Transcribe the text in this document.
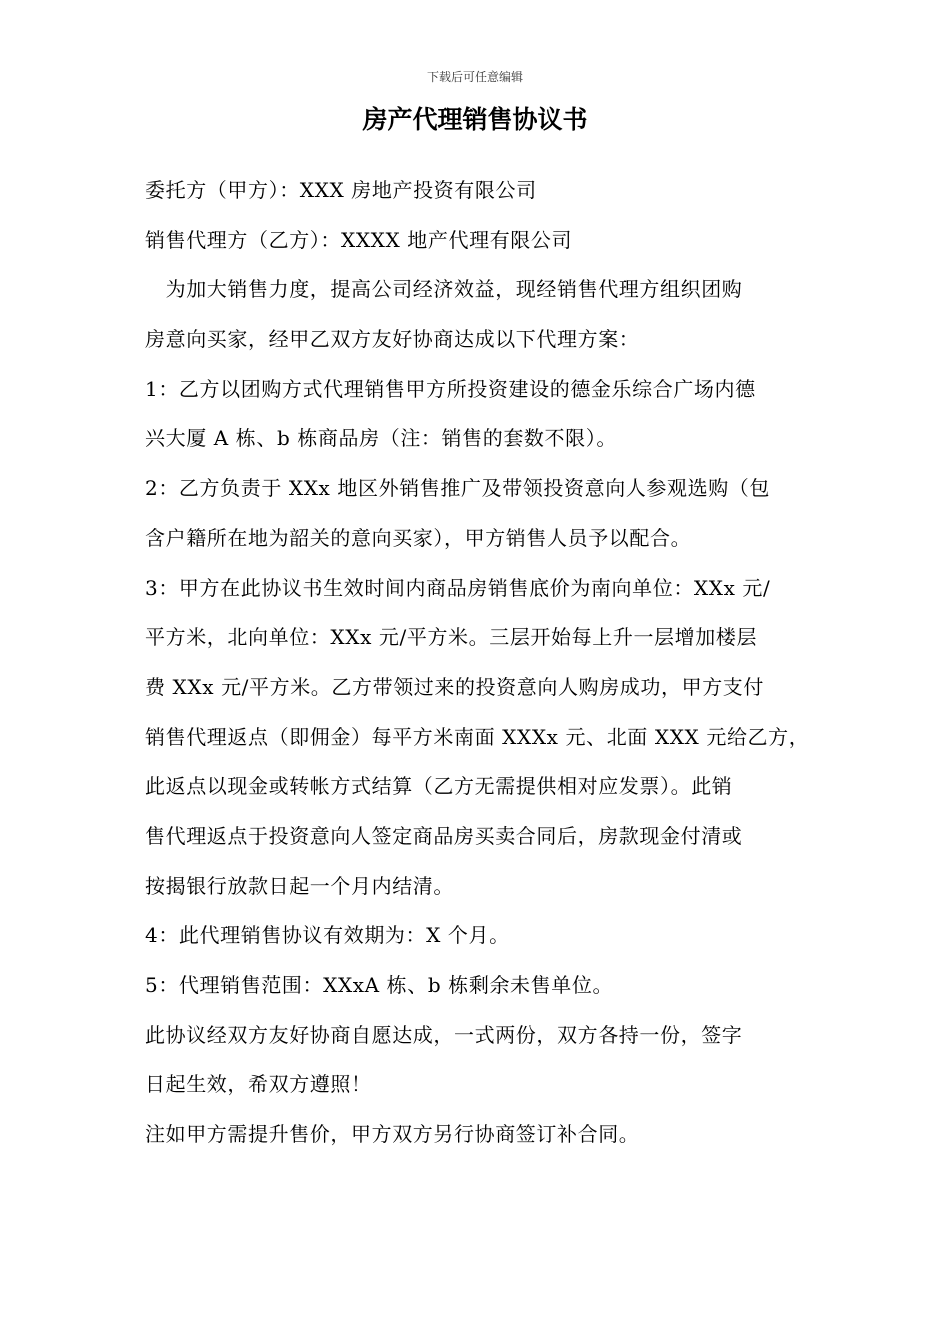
下载后可任意编辑
房产代理销售协议书
委托方（甲方）：XXX 房地产投资有限公司
销售代理方（乙方）：XXXX 地产代理有限公司
　为加大销售力度，提高公司经济效益，现经销售代理方组织团购
房意向买家，经甲乙双方友好协商达成以下代理方案：
1：乙方以团购方式代理销售甲方所投资建设的德金乐综合广场内德
兴大厦 A 栋、b 栋商品房（注：销售的套数不限）。
2：乙方负责于 XXx 地区外销售推广及带领投资意向人参观选购（包
含户籍所在地为韶关的意向买家），甲方销售人员予以配合。
3：甲方在此协议书生效时间内商品房销售底价为南向单位：XXx 元/
平方米，北向单位：XXx 元/平方米。三层开始每上升一层增加楼层
费 XXx 元/平方米。乙方带领过来的投资意向人购房成功，甲方支付
销售代理返点（即佣金）每平方米南面 XXXx 元、北面 XXX 元给乙方，
此返点以现金或转帐方式结算（乙方无需提供相对应发票）。此销
售代理返点于投资意向人签定商品房买卖合同后，房款现金付清或
按揭银行放款日起一个月内结清。
4：此代理销售协议有效期为：X 个月。
5：代理销售范围：XXxA 栋、b 栋剩余未售单位。
此协议经双方友好协商自愿达成，一式两份，双方各持一份，签字
日起生效，希双方遵照！
注如甲方需提升售价，甲方双方另行协商签订补合同。
